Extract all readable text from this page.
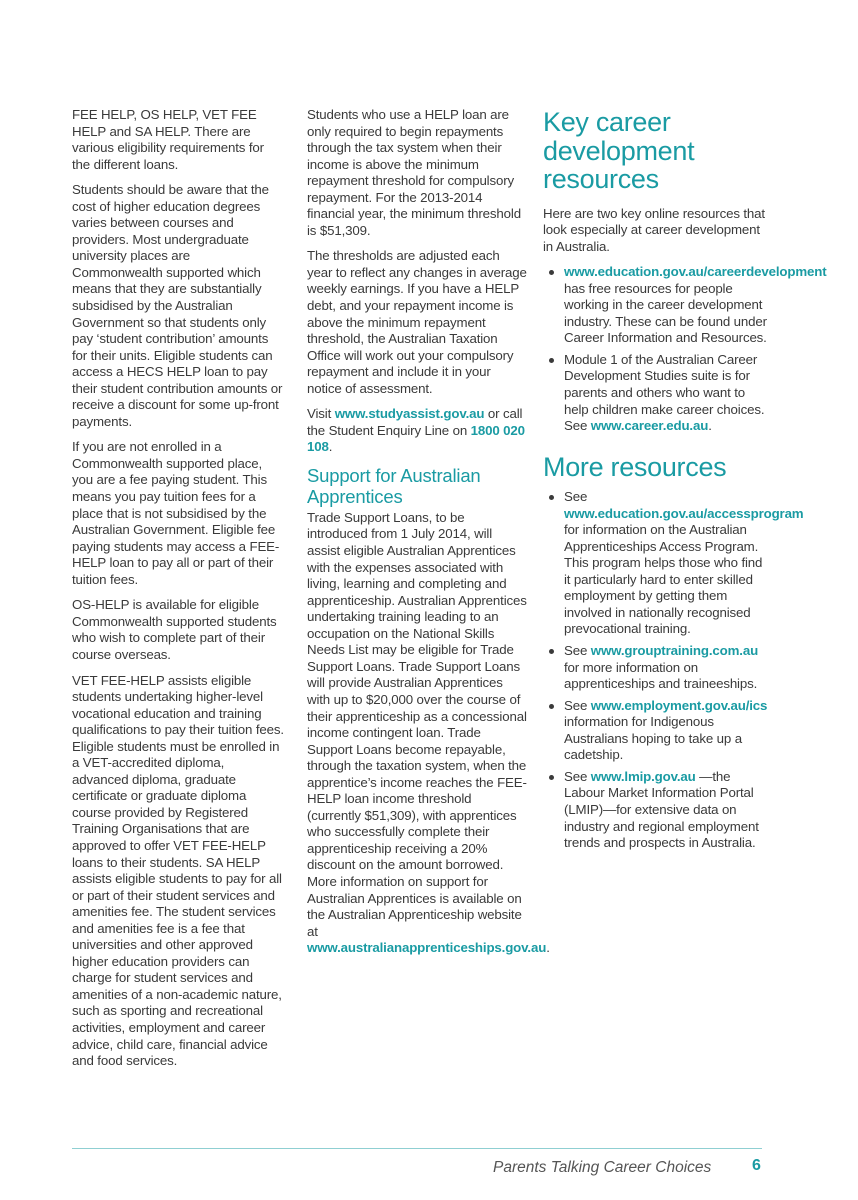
FEE HELP, OS HELP, VET FEE HELP and SA HELP. There are various eligibility requirements for the different loans.

Students should be aware that the cost of higher education degrees varies between courses and providers. Most undergraduate university places are Commonwealth supported which means that they are substantially subsidised by the Australian Government so that students only pay ‘student contribution’ amounts for their units. Eligible students can access a HECS HELP loan to pay their student contribution amounts or receive a discount for some up-front payments.

If you are not enrolled in a Commonwealth supported place, you are a fee paying student. This means you pay tuition fees for a place that is not subsidised by the Australian Government. Eligible fee paying students may access a FEE-HELP loan to pay all or part of their tuition fees.

OS-HELP is available for eligible Commonwealth supported students who wish to complete part of their course overseas.

VET FEE-HELP assists eligible students undertaking higher-level vocational education and training qualifications to pay their tuition fees. Eligible students must be enrolled in a VET-accredited diploma, advanced diploma, graduate certificate or graduate diploma course provided by Registered Training Organisations that are approved to offer VET FEE-HELP loans to their students. SA HELP assists eligible students to pay for all or part of their student services and amenities fee. The student services and amenities fee is a fee that universities and other approved higher education providers can charge for student services and amenities of a non-academic nature, such as sporting and recreational activities, employment and career advice, child care, financial advice and food services.

Students who use a HELP loan are only required to begin repayments through the tax system when their income is above the minimum repayment threshold for compulsory repayment. For the 2013-2014 financial year, the minimum threshold is $51,309.

The thresholds are adjusted each year to reflect any changes in average weekly earnings. If you have a HELP debt, and your repayment income is above the minimum repayment threshold, the Australian Taxation Office will work out your compulsory repayment and include it in your notice of assessment.

Visit www.studyassist.gov.au or call the Student Enquiry Line on 1800 020 108.

Support for Australian Apprentices

Trade Support Loans, to be introduced from 1 July 2014, will assist eligible Australian Apprentices with the expenses associated with living, learning and completing and apprenticeship. Australian Apprentices undertaking training leading to an occupation on the National Skills Needs List may be eligible for Trade Support Loans. Trade Support Loans will provide Australian Apprentices with up to $20,000 over the course of their apprenticeship as a concessional income contingent loan. Trade Support Loans become repayable, through the taxation system, when the apprentice’s income reaches the FEE-HELP loan income threshold (currently $51,309), with apprentices who successfully complete their apprenticeship receiving a 20% discount on the amount borrowed. More information on support for Australian Apprentices is available on the Australian Apprenticeship website at www.australianapprenticeships.gov.au.

Key career development resources

Here are two key online resources that look especially at career development in Australia.

www.education.gov.au/careerdevelopment has free resources for people working in the career development industry. These can be found under Career Information and Resources.
Module 1 of the Australian Career Development Studies suite is for parents and others who want to help children make career choices. See www.career.edu.au.
More resources
See www.education.gov.au/accessprogram for information on the Australian Apprenticeships Access Program. This program helps those who find it particularly hard to enter skilled employment by getting them involved in nationally recognised prevocational training.
See www.grouptraining.com.au for more information on apprenticeships and traineeships.
See www.employment.gov.au/ics information for Indigenous Australians hoping to take up a cadetship.
See www.lmip.gov.au —the Labour Market Information Portal (LMIP)—for extensive data on industry and regional employment trends and prospects in Australia.
Parents Talking Career Choices	6
